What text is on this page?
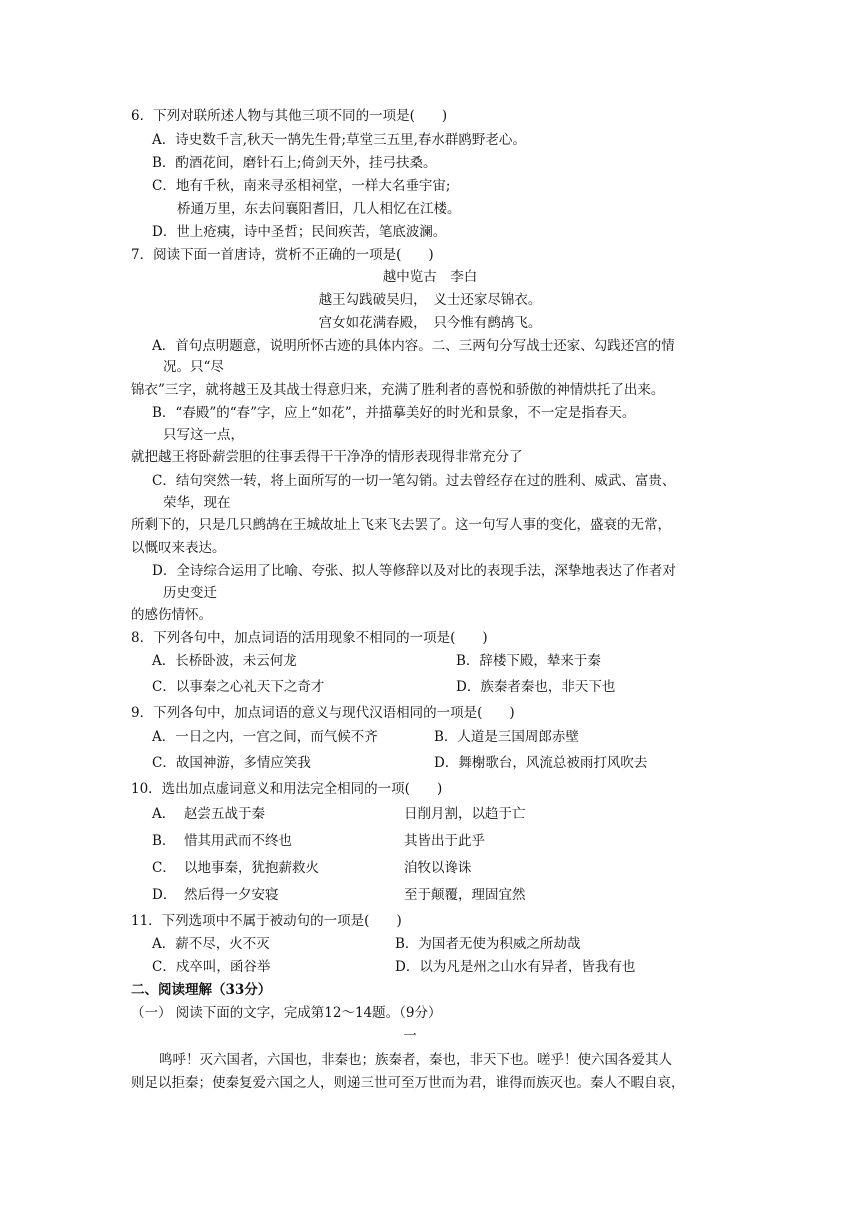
6．下列对联所述人物与其他三项不同的一项是(　　)
A．诗史数千言,秋天一鹄先生骨;草堂三五里,春水群鸥野老心。
B．酌酒花间，磨针石上;倚剑天外，挂弓扶桑。
C．地有千秋，南来寻丞相祠堂，一样大名垂宇宙;
桥通万里，东去问襄阳耆旧，几人相忆在江楼。
D．世上疮痍，诗中圣哲；民间疾苦，笔底波澜。
7．阅读下面一首唐诗，赏析不正确的一项是(　　)
越中览古　李白
越王勾践破吴归，　义士还家尽锦衣。
宫女如花满春殿，　只今惟有鹧鸪飞。
A．首句点明题意，说明所怀古迹的具体内容。二、三两句分写战士还家、勾践还宫的情
况。只“尽
锦衣”三字，就将越王及其战士得意归来，充满了胜利者的喜悦和骄傲的神情烘托了出来。
B．“春殿”的“春”字，应上“如花”，并描摹美好的时光和景象，不一定是指春天。
只写这一点，
就把越王将卧薪尝胆的往事丢得干干净净的情形表现得非常充分了
C．结句突然一转，将上面所写的一切一笔勾销。过去曾经存在过的胜利、威武、富贵、
荣华，现在
所剩下的，只是几只鹧鸪在王城故址上飞来飞去罢了。这一句写人事的变化，盛衰的无常，
以慨叹来表达。
D．全诗综合运用了比喻、夸张、拟人等修辞以及对比的表现手法，深挚地表达了作者对
历史变迁
的感伤情怀。
8．下列各句中，加点词语的活用现象不相同的一项是(　　)
A．长桥卧波，未云何龙	B．辞楼下殿，辇来于秦
C．以事秦之心礼天下之奇才	D．族秦者秦也，非天下也
9．下列各句中，加点词语的意义与现代汉语相同的一项是(　　)
A．一日之内，一宫之间，而气候不齐	B．人道是三国周郎赤壁
C．故国神游，多情应笑我	D．舞榭歌台，风流总被雨打风吹去
10．选出加点虚词意义和用法完全相同的一项(　　)
A． 赵尝五战于秦	日削月割，以趋于亡
B． 惜其用武而不终也	其皆出于此乎
C． 以地事秦，犹抱薪救火	洎牧以谗诛
D． 然后得一夕安寝	至于颠覆，理固宜然
11．下列选项中不属于被动句的一项是(　　)
A．薪不尽，火不灭	B．为国者无使为积威之所劫哉
C．戍卒叫，函谷举	D．以为凡是州之山水有异者，皆我有也
二、阅读理解（33分）
（一） 阅读下面的文字，完成第12～14题。（9分）
一
鸣呼！灭六国者，六国也，非秦也；族秦者，秦也，非天下也。嗟乎！使六国各爱其人
则足以拒秦；使秦复爱六国之人，则递三世可至万世而为君，谁得而族灭也。秦人不暇自哀，
